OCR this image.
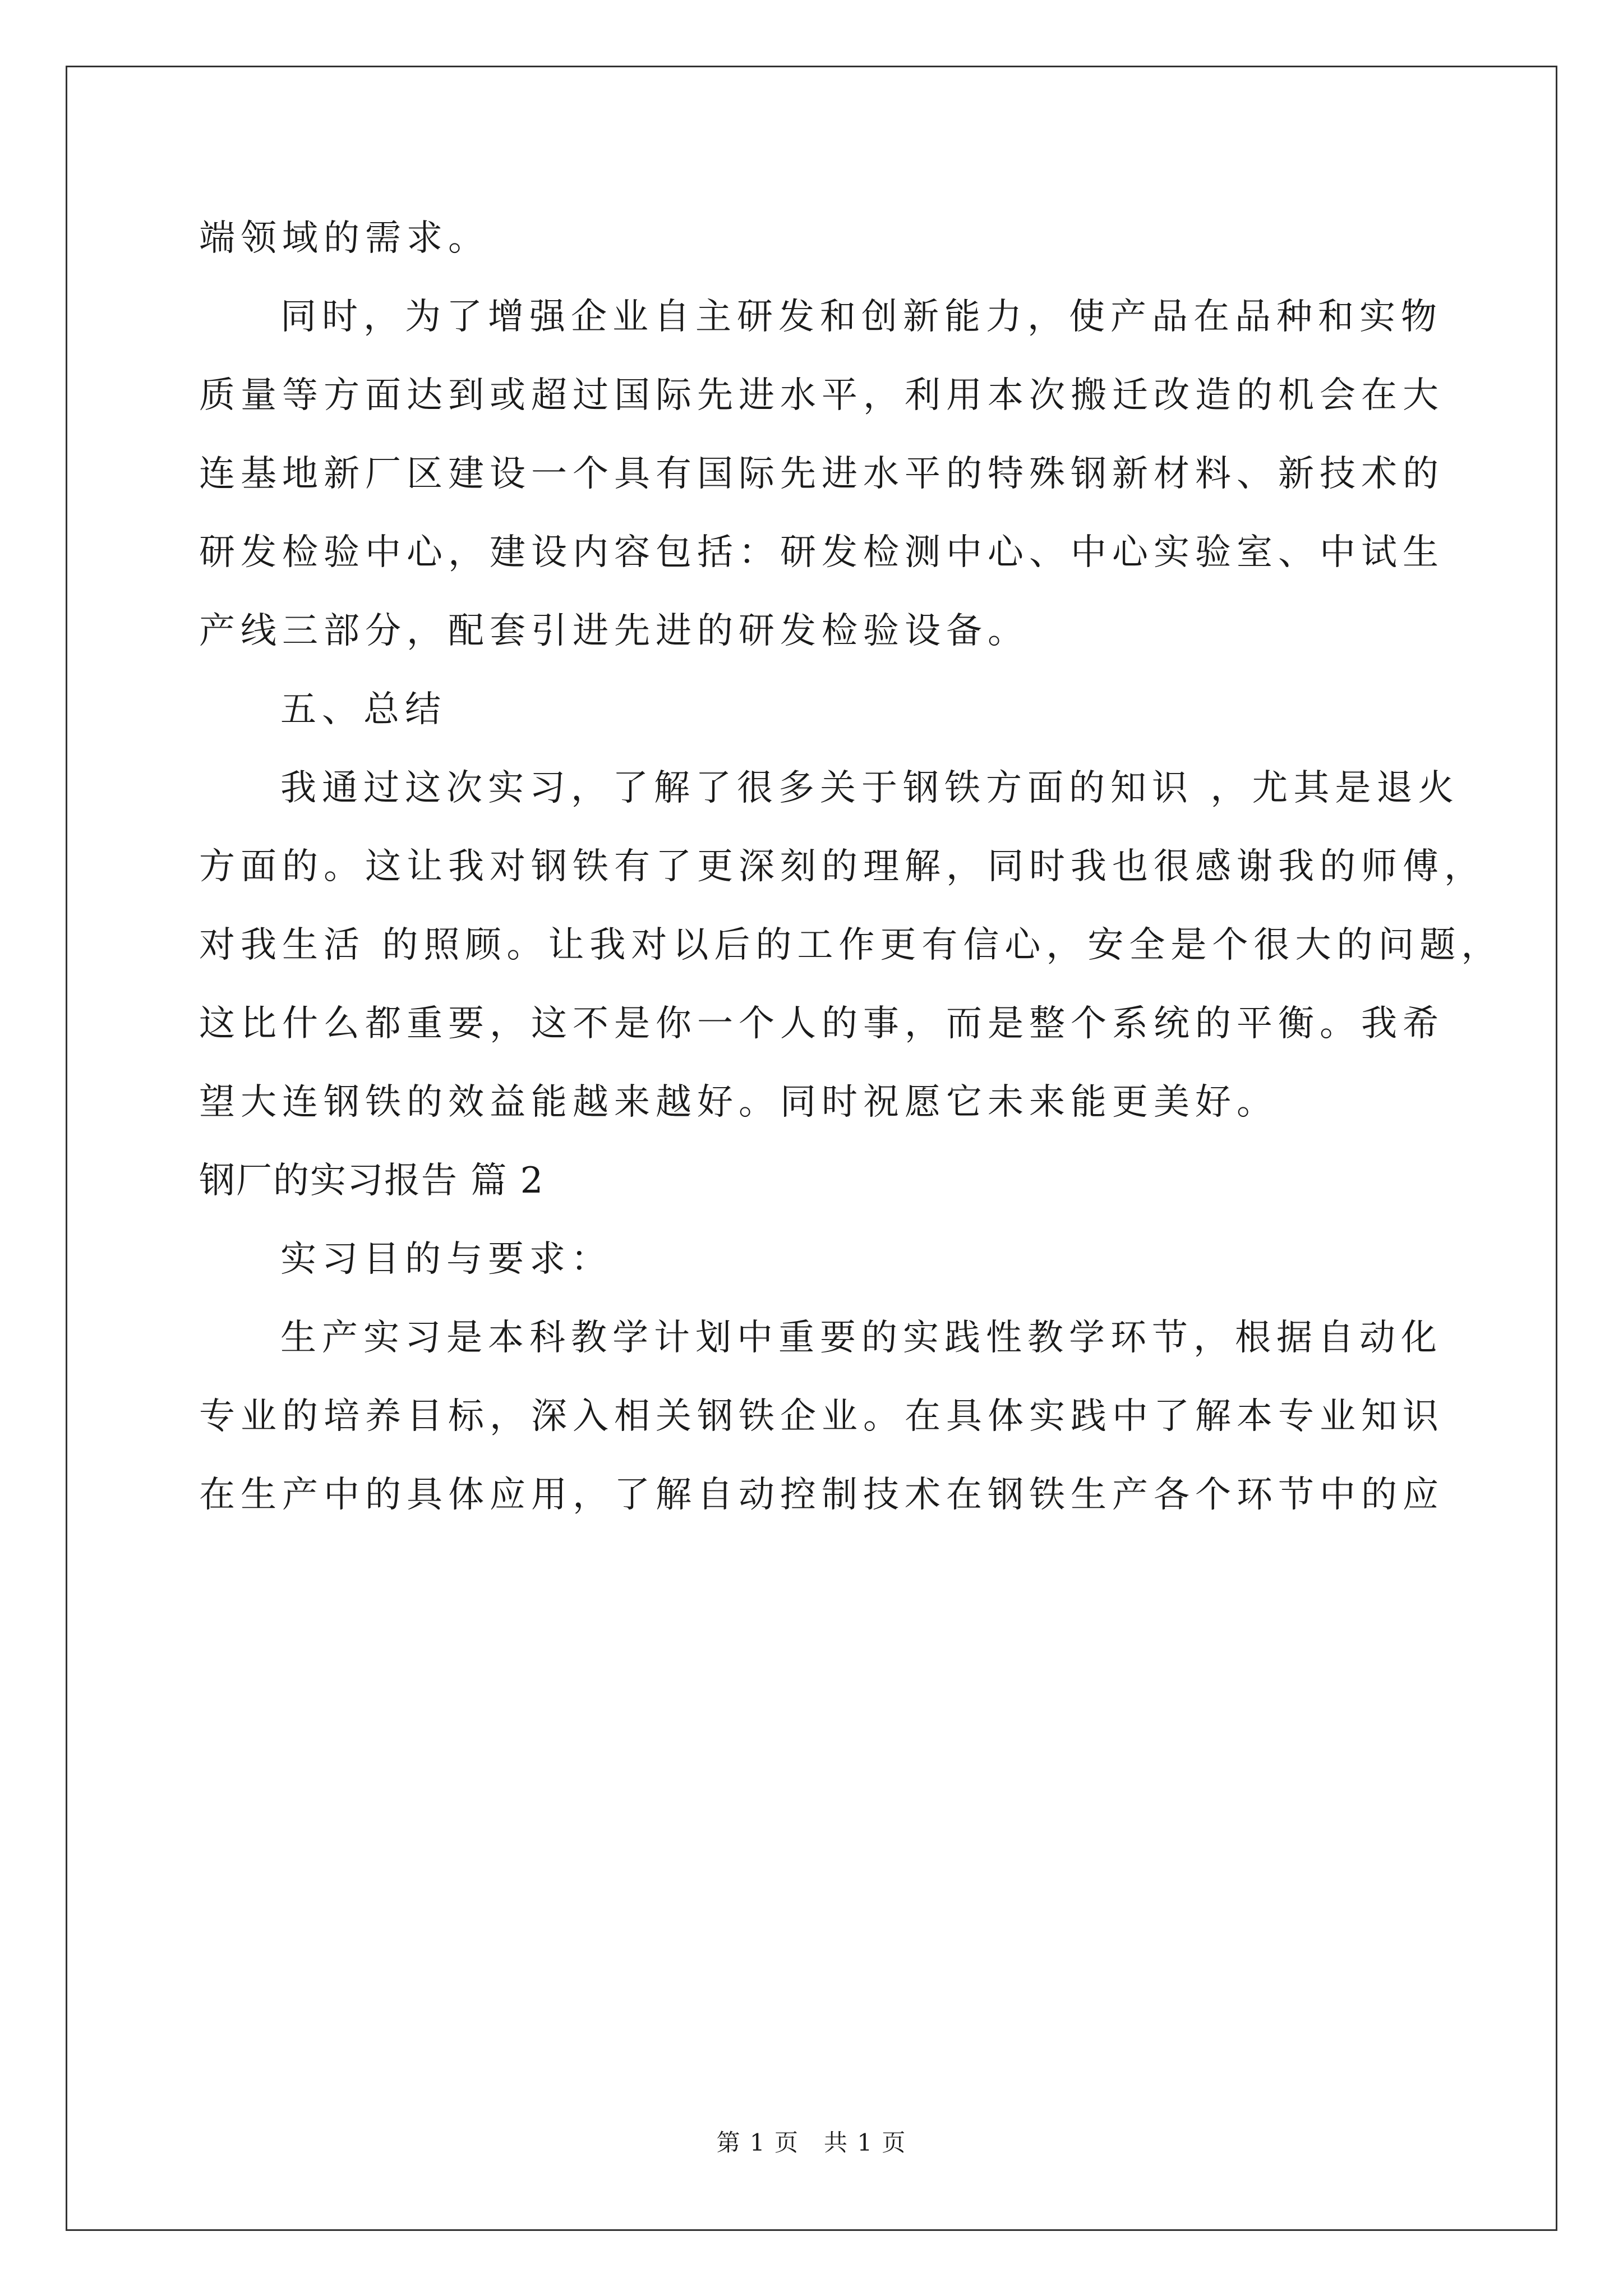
端领域的需求。
同时，为了增强企业自主研发和创新能力，使产品在品种和实物
质量等方面达到或超过国际先进水平，利用本次搬迁改造的机会在大
连基地新厂区建设一个具有国际先进水平的特殊钢新材料、新技术的
研发检验中心，建设内容包括：研发检测中心、中心实验室、中试生
产线三部分，配套引进先进的研发检验设备。
五、总结
我通过这次实习，了解了很多关于钢铁方面的知识 ，尤其是退火
方面的。这让我对钢铁有了更深刻的理解，同时我也很感谢我的师傅，
对我生活 的照顾。让我对以后的工作更有信心，安全是个很大的问题，
这比什么都重要，这不是你一个人的事，而是整个系统的平衡。我希
望大连钢铁的效益能越来越好。同时祝愿它未来能更美好。
钢厂的实习报告 篇 2
实习目的与要求：
生产实习是本科教学计划中重要的实践性教学环节，根据自动化
专业的培养目标，深入相关钢铁企业。在具体实践中了解本专业知识
在生产中的具体应用，了解自动控制技术在钢铁生产各个环节中的应
第 1 页　共 1 页
